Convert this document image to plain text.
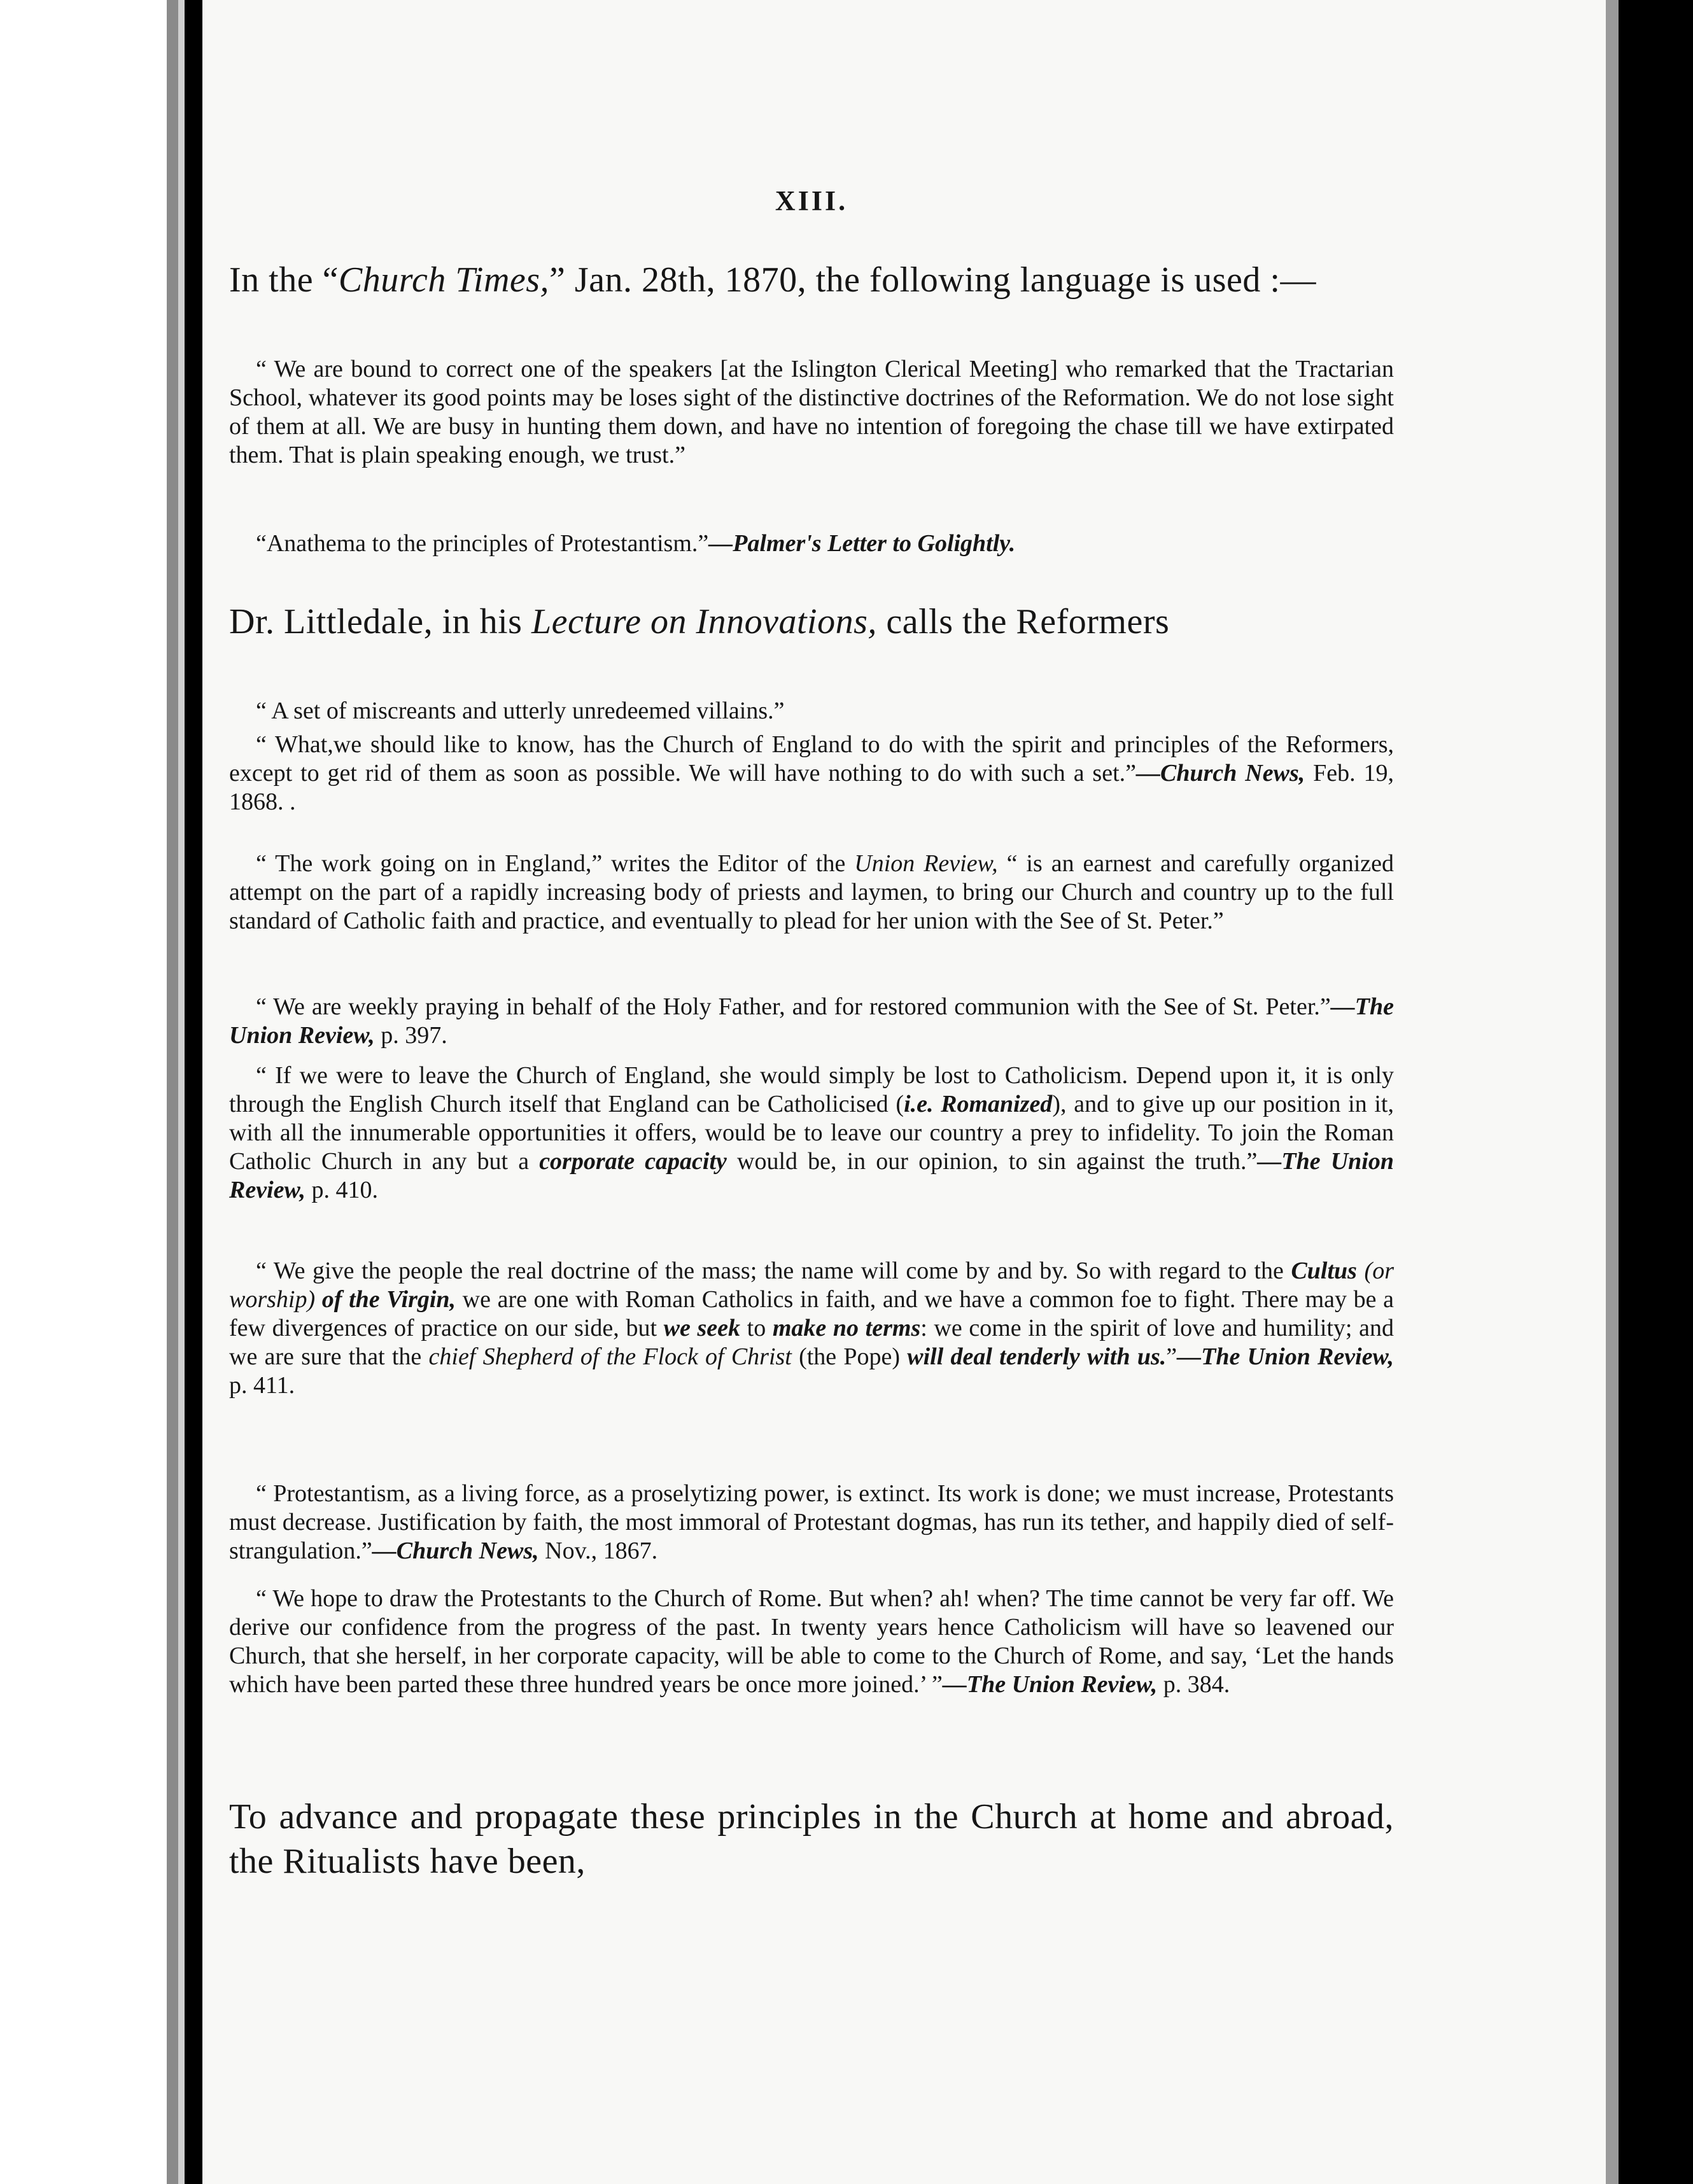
XIII.

In the “Church Times,” Jan. 28th, 1870, the following language is used :—

“ We are bound to correct one of the speakers [at the Islington Clerical Meeting] who remarked that the Tractarian School, whatever its good points may be loses sight of the distinctive doctrines of the Reformation. We do not lose sight of them at all. We are busy in hunting them down, and have no intention of foregoing the chase till we have extirpated them. That is plain speaking enough, we trust.”

“Anathema to the principles of Protestantism.”—Palmer's Letter to Golightly.

Dr. Littledale, in his Lecture on Innovations, calls the Reformers

“ A set of miscreants and utterly unredeemed villains.”

“ What,we should like to know, has the Church of England to do with the spirit and principles of the Reformers, except to get rid of them as soon as possible. We will have nothing to do with such a set.”—Church News, Feb. 19, 1868. .

“ The work going on in England,” writes the Editor of the Union Review, “ is an earnest and carefully organized attempt on the part of a rapidly increasing body of priests and laymen, to bring our Church and country up to the full standard of Catholic faith and practice, and eventually to plead for her union with the See of St. Peter.”

“ We are weekly praying in behalf of the Holy Father, and for restored communion with the See of St. Peter.”—The Union Review, p. 397.

“ If we were to leave the Church of England, she would simply be lost to Catholicism. Depend upon it, it is only through the English Church itself that England can be Catholicised (i.e. Romanized), and to give up our position in it, with all the innumerable opportunities it offers, would be to leave our country a prey to infidelity. To join the Roman Catholic Church in any but a corporate capacity would be, in our opinion, to sin against the truth.”—The Union Review, p. 410.

“ We give the people the real doctrine of the mass; the name will come by and by. So with regard to the Cultus (or worship) of the Virgin, we are one with Roman Catholics in faith, and we have a common foe to fight. There may be a few divergences of practice on our side, but we seek to make no terms: we come in the spirit of love and humility; and we are sure that the chief Shepherd of the Flock of Christ (the Pope) will deal tenderly with us.”—The Union Review, p. 411.

“ Protestantism, as a living force, as a proselytizing power, is extinct. Its work is done; we must increase, Protestants must decrease. Justification by faith, the most immoral of Protestant dogmas, has run its tether, and happily died of self-strangulation.”—Church News, Nov., 1867.

“ We hope to draw the Protestants to the Church of Rome. But when? ah! when? The time cannot be very far off. We derive our confidence from the progress of the past. In twenty years hence Catholicism will have so leavened our Church, that she herself, in her corporate capacity, will be able to come to the Church of Rome, and say, ‘Let the hands which have been parted these three hundred years be once more joined.’ ”—The Union Review, p. 384.

To advance and propagate these principles in the Church at home and abroad, the Ritualists have been,
